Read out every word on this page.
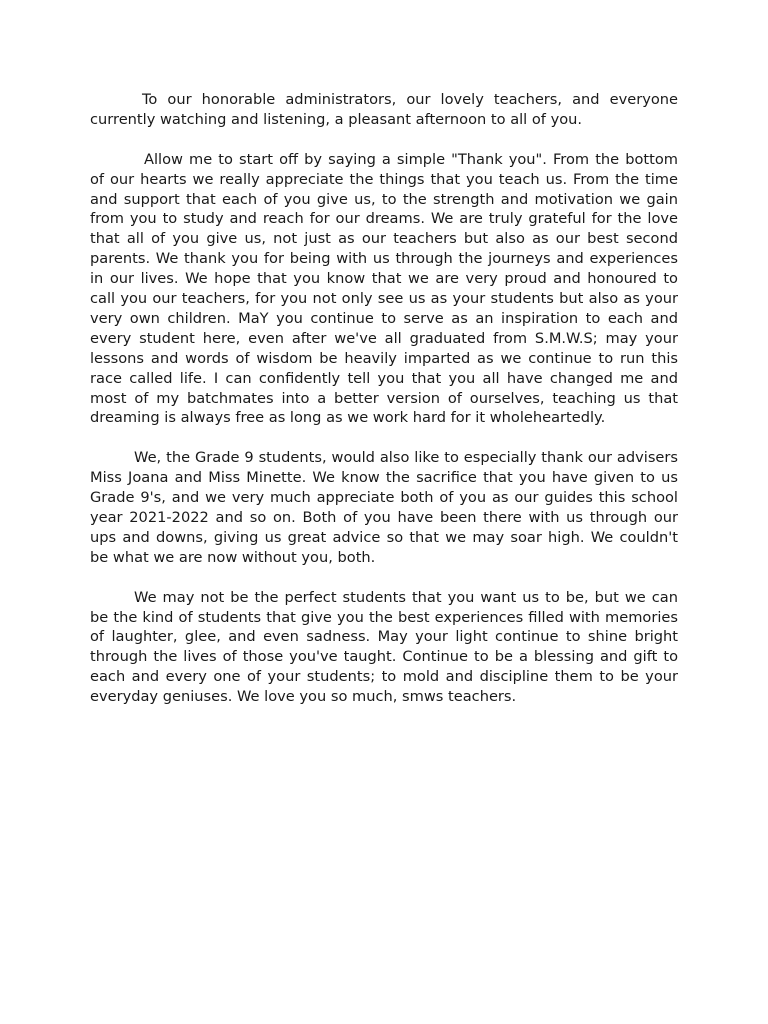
To our honorable administrators, our lovely teachers, and everyone currently watching and listening, a pleasant afternoon to all of you.

Allow me to start off by saying a simple "Thank you". From the bottom of our hearts we really appreciate the things that you teach us. From the time and support that each of you give us, to the strength and motivation we gain from you to study and reach for our dreams. We are truly grateful for the love that all of you give us, not just as our teachers but also as our best second parents. We thank you for being with us through the journeys and experiences in our lives. We hope that you know that we are very proud and honoured to call you our teachers, for you not only see us as your students but also as your very own children. MaY you continue to serve as an inspiration to each and every student here, even after we've all graduated from S.M.W.S; may your lessons and words of wisdom be heavily imparted as we continue to run this race called life. I can confidently tell you that you all have changed me and most of my batchmates into a better version of ourselves, teaching us that dreaming is always free as long as we work hard for it wholeheartedly.

We, the Grade 9 students, would also like to especially thank our advisers Miss Joana and Miss Minette. We know the sacrifice that you have given to us Grade 9's, and we very much appreciate both of you as our guides this school year 2021-2022 and so on. Both of you have been there with us through our ups and downs, giving us great advice so that we may soar high. We couldn't be what we are now without you, both.

We may not be the perfect students that you want us to be, but we can be the kind of students that give you the best experiences filled with memories of laughter, glee, and even sadness. May your light continue to shine bright through the lives of those you've taught. Continue to be a blessing and gift to each and every one of your students; to mold and discipline them to be your everyday geniuses. We love you so much, smws teachers.
